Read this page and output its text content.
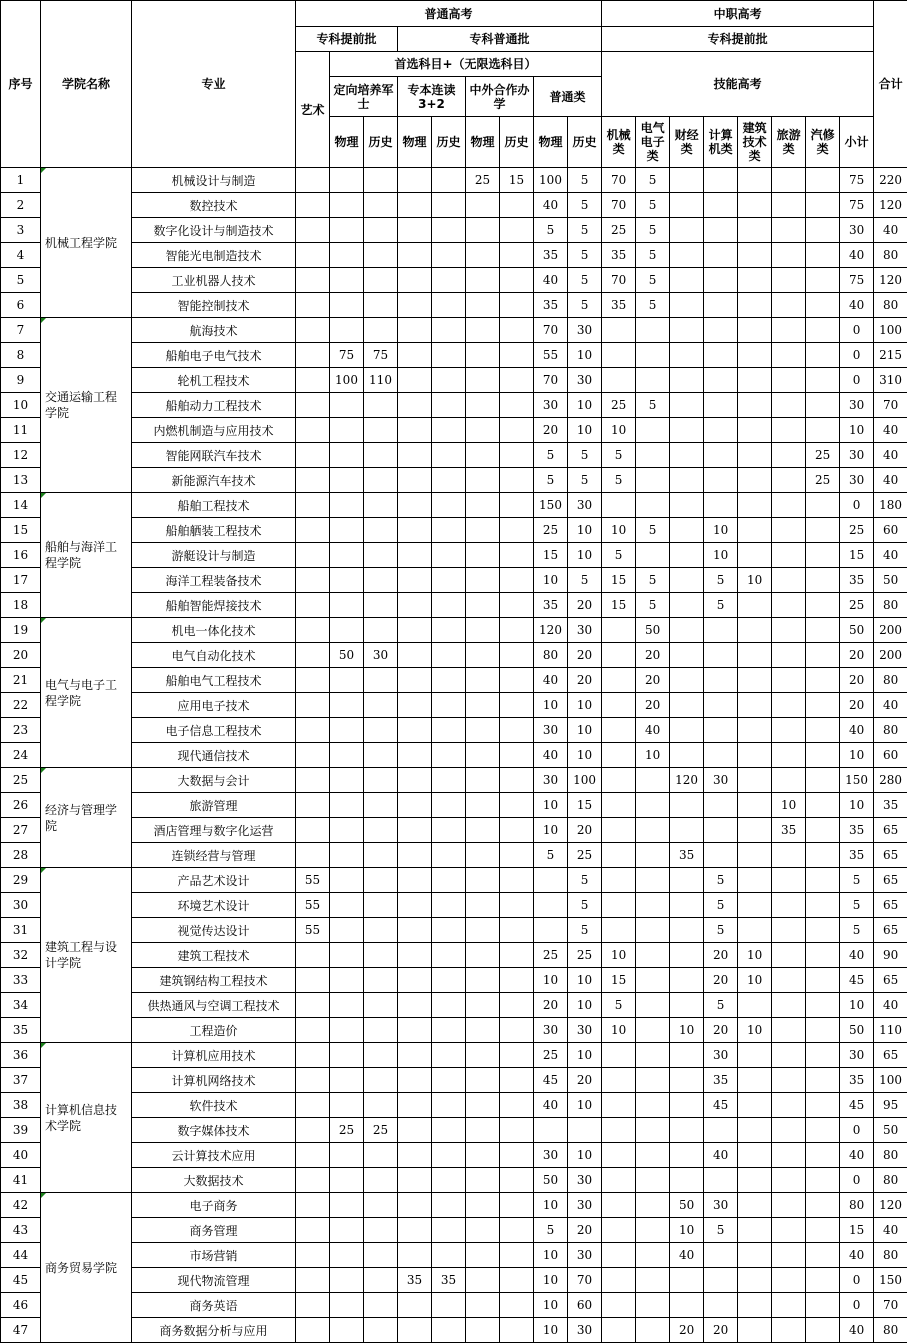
序号	学院名称	专业	普通高考									中职高考								合计
			专科提前批			专科普通批						专科提前批								
			艺术	首选科目+（无限选科目）								技能高考								
				定向培养军士		专本连读3+2		中外合作办学		普通类										
				物理	历史	物理	历史	物理	历史	物理	历史	机械类	电气电子类	财经类	计算机类	建筑技术类	旅游类	汽修类	小计	
1	机械工程学院	机械设计与制造						25	15	100	5	70	5						75	220
2		数控技术								40	5	70	5						75	120
3		数字化设计与制造技术								5	5	25	5						30	40
4		智能光电制造技术								35	5	35	5						40	80
5		工业机器人技术								40	5	70	5						75	120
6		智能控制技术								35	5	35	5						40	80
7	交通运输工程学院	航海技术								70	30								0	100
8		船舶电子电气技术		75	75					55	10								0	215
9		轮机工程技术		100	110					70	30								0	310
10		船舶动力工程技术								30	10	25	5						30	70
11		内燃机制造与应用技术								20	10	10							10	40
12		智能网联汽车技术								5	5	5						25	30	40
13		新能源汽车技术								5	5	5						25	30	40
14	船舶与海洋工程学院	船舶工程技术								150	30								0	180
15		船舶舾装工程技术								25	10	10	5		10				25	60
16		游艇设计与制造								15	10	5			10				15	40
17		海洋工程装备技术								10	5	15	5		5	10			35	50
18		船舶智能焊接技术								35	20	15	5		5				25	80
19	电气与电子工程学院	机电一体化技术								120	30		50						50	200
20		电气自动化技术		50	30					80	20		20						20	200
21		船舶电气工程技术								40	20		20						20	80
22		应用电子技术								10	10		20						20	40
23		电子信息工程技术								30	10		40						40	80
24		现代通信技术								40	10		10						10	60
25	经济与管理学院	大数据与会计								30	100			120	30				150	280
26		旅游管理								10	15						10		10	35
27		酒店管理与数字化运营								10	20						35		35	65
28		连锁经营与管理								5	25			35					35	65
29	建筑工程与设计学院	产品艺术设计	55								5				5				5	65
30		环境艺术设计	55								5				5				5	65
31		视觉传达设计	55								5				5				5	65
32		建筑工程技术								25	25	10			20	10			40	90
33		建筑钢结构工程技术								10	10	15			20	10			45	65
34		供热通风与空调工程技术								20	10	5			5				10	40
35		工程造价								30	30	10		10	20	10			50	110
36	计算机信息技术学院	计算机应用技术								25	10				30				30	65
37		计算机网络技术								45	20				35				35	100
38		软件技术								40	10				45				45	95
39		数字媒体技术		25	25														0	50
40		云计算技术应用								30	10				40				40	80
41		大数据技术								50	30								0	80
42	商务贸易学院	电子商务								10	30			50	30				80	120
43		商务管理								5	20			10	5				15	40
44		市场营销								10	30			40					40	80
45		现代物流管理				35	35			10	70								0	150
46		商务英语								10	60								0	70
47		商务数据分析与应用								10	30			20	20				40	80
